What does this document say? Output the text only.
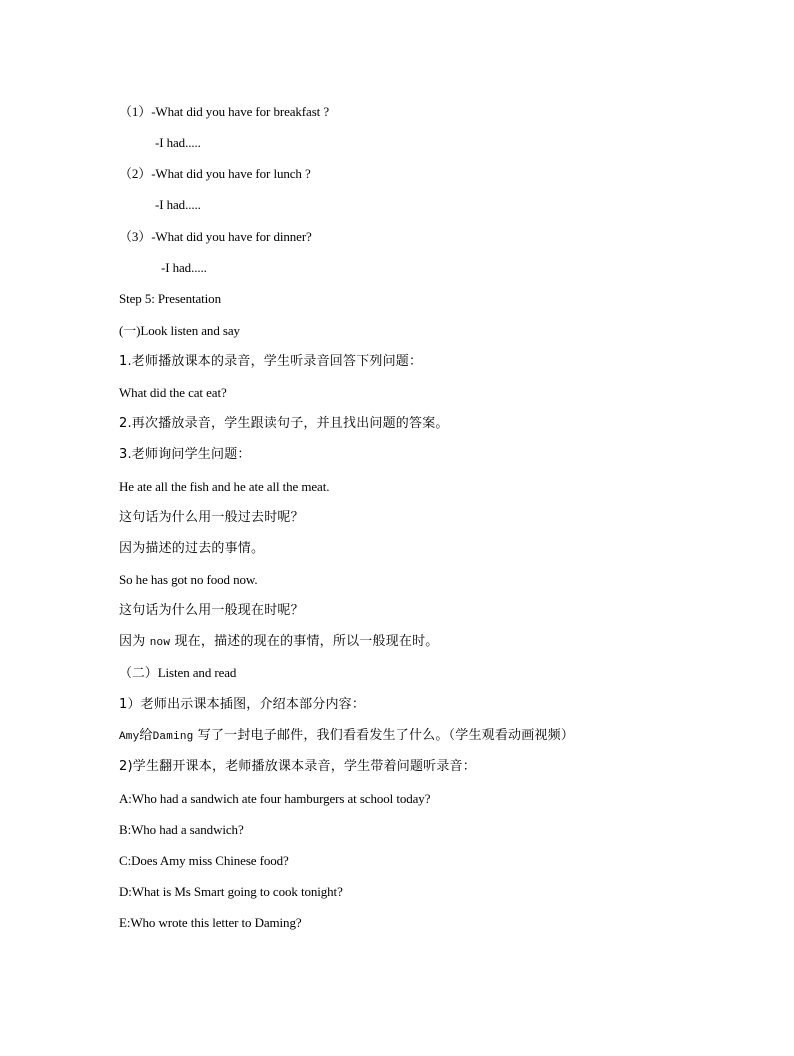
（1）-What did you have for breakfast ?
-I had.....
（2）-What did you have for lunch ?
-I had.....
（3）-What did you have for dinner?
-I had.....
Step 5: Presentation
(一)Look listen and say
1.老师播放课本的录音，学生听录音回答下列问题：
What did the cat eat?
2.再次播放录音，学生跟读句子，并且找出问题的答案。
3.老师询问学生问题：
He ate all the fish and he ate all the meat.
这句话为什么用一般过去时呢？
因为描述的过去的事情。
So he has got no food now.
这句话为什么用一般现在时呢？
因为 now 现在，描述的现在的事情，所以一般现在时。
（二）Listen and read
1）老师出示课本插图，介绍本部分内容：
Amy给Daming 写了一封电子邮件，我们看看发生了什么。（学生观看动画视频）
2)学生翻开课本，老师播放课本录音，学生带着问题听录音：
A:Who had a sandwich ate four hamburgers at school today?
B:Who had a sandwich?
C:Does Amy miss Chinese food?
D:What is Ms Smart going to cook tonight?
E:Who wrote this letter to Daming?
